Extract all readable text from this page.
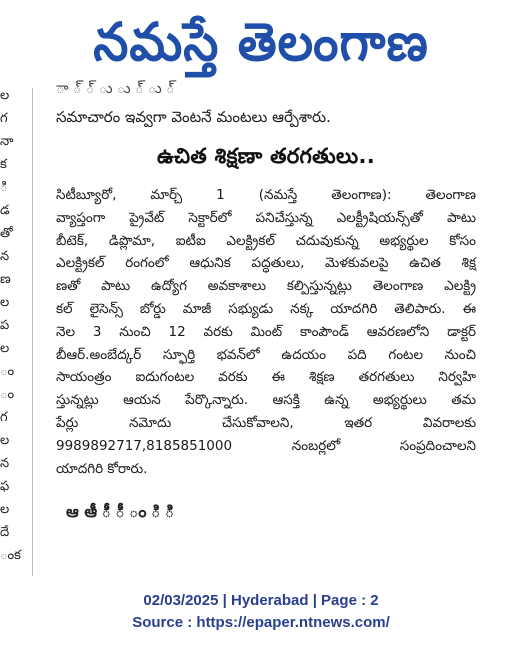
నమస్తే తెలంగాణ
ల
గ
నా
క
ి
డ
తో
న
ణ
ల
ప
ల
ం
ం
గ
ల
న
ఫ
ల
దే
ంక
ా ్ ్ ు ు ్ ు ్
సమాచారం ఇవ్వగా వెంటనే మంటలు ఆర్పేశారు.
ఉచిత శిక్షణా తరగతులు..
సిటీబ్యూరో, మార్చ్ 1 (నమస్తే తెలంగాణ): తెలంగాణ
వ్యాప్తంగా ప్రైవేట్ సెక్టార్‌లో పనిచేస్తున్న ఎలక్ట్రీషియన్స్‌తో పాటు
బీటెక్, డిప్లొమా, ఐటీఐ ఎలక్ట్రికల్ చదువుకున్న అభ్యర్థుల కోసం
ఎలక్ట్రికల్ రంగంలో ఆధునిక పద్ధతులు, మెళకువలపై ఉచిత శిక్ష
ణతో పాటు ఉద్యోగ అవకాశాలు కల్పిస్తున్నట్లు తెలంగాణ ఎలక్ట్రి
కల్ లైసెన్స్ బోర్డు మాజీ సభ్యుడు నక్క యాదగిరి తెలిపారు. ఈ
నెల 3 నుంచి 12 వరకు మింట్ కాంపౌండ్ ఆవరణలోని డాక్టర్
బీఆర్.అంబేద్కర్ స్ఫూర్తి భవన్‌లో ఉదయం పది గంటల నుంచి
సాయంత్రం ఐదుగంటల వరకు ఈ శిక్షణ తరగతులు నిర్వహి
స్తున్నట్లు ఆయన పేర్కొన్నారు. ఆసక్తి ఉన్న అభ్యర్థులు తమ
పేర్లు నమోదు చేసుకోవాలని, ఇతర వివరాలకు
9989892717,8185851000 నంబర్లలో సంప్రదించాలని
యాదగిరి కోరారు.
ఆ ఆీ ీ ీ ం ి ి
02/03/2025 | Hyderabad | Page : 2
Source : https://epaper.ntnews.com/
